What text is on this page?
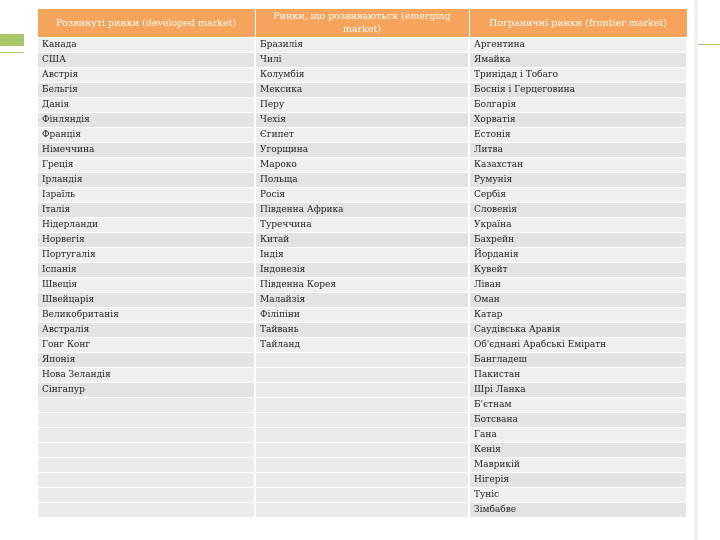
Розвинуті ринки (developed market)	Ринки, що розвиваються (emerging market)	Пограничні ринки (frontier market)
Канада	Бразилія	Аргентина
США	Чилі	Ямайка
Австрія	Колумбія	Тринідад і Тобаго
Бельгія	Мексика	Боснія і Герцеговина
Данія	Перу	Болгарія
Фінляндія	Чехія	Хорватія
Франція	Єгипет	Естонія
Німеччина	Угорщина	Литва
Греція	Мароко	Казахстан
Ірландія	Польща	Румунія
Ізраїль	Росія	Сербія
Італія	Південна Африка	Словенія
Нідерланди	Туреччина	Україна
Норвегія	Китай	Бахрейн
Португалія	Індія	Йорданія
Іспанія	Індонезія	Кувейт
Швеція	Південна Корея	Ліван
Швейцарія	Малайзія	Оман
Великобританія	Філіпіни	Катар
Австралія	Тайвань	Саудівська Аравія
Гонг Конг	Тайланд	Об'єднані Арабські Еміратн
Японія		Бангладеш
Нова Зеландія		Пакистан
Сінгапур		Шрі Ланка
		Б'єтнам
		Ботсвана
		Гана
		Кенія
		Маврикій
		Нігерія
		Туніс
		Зімбабве
